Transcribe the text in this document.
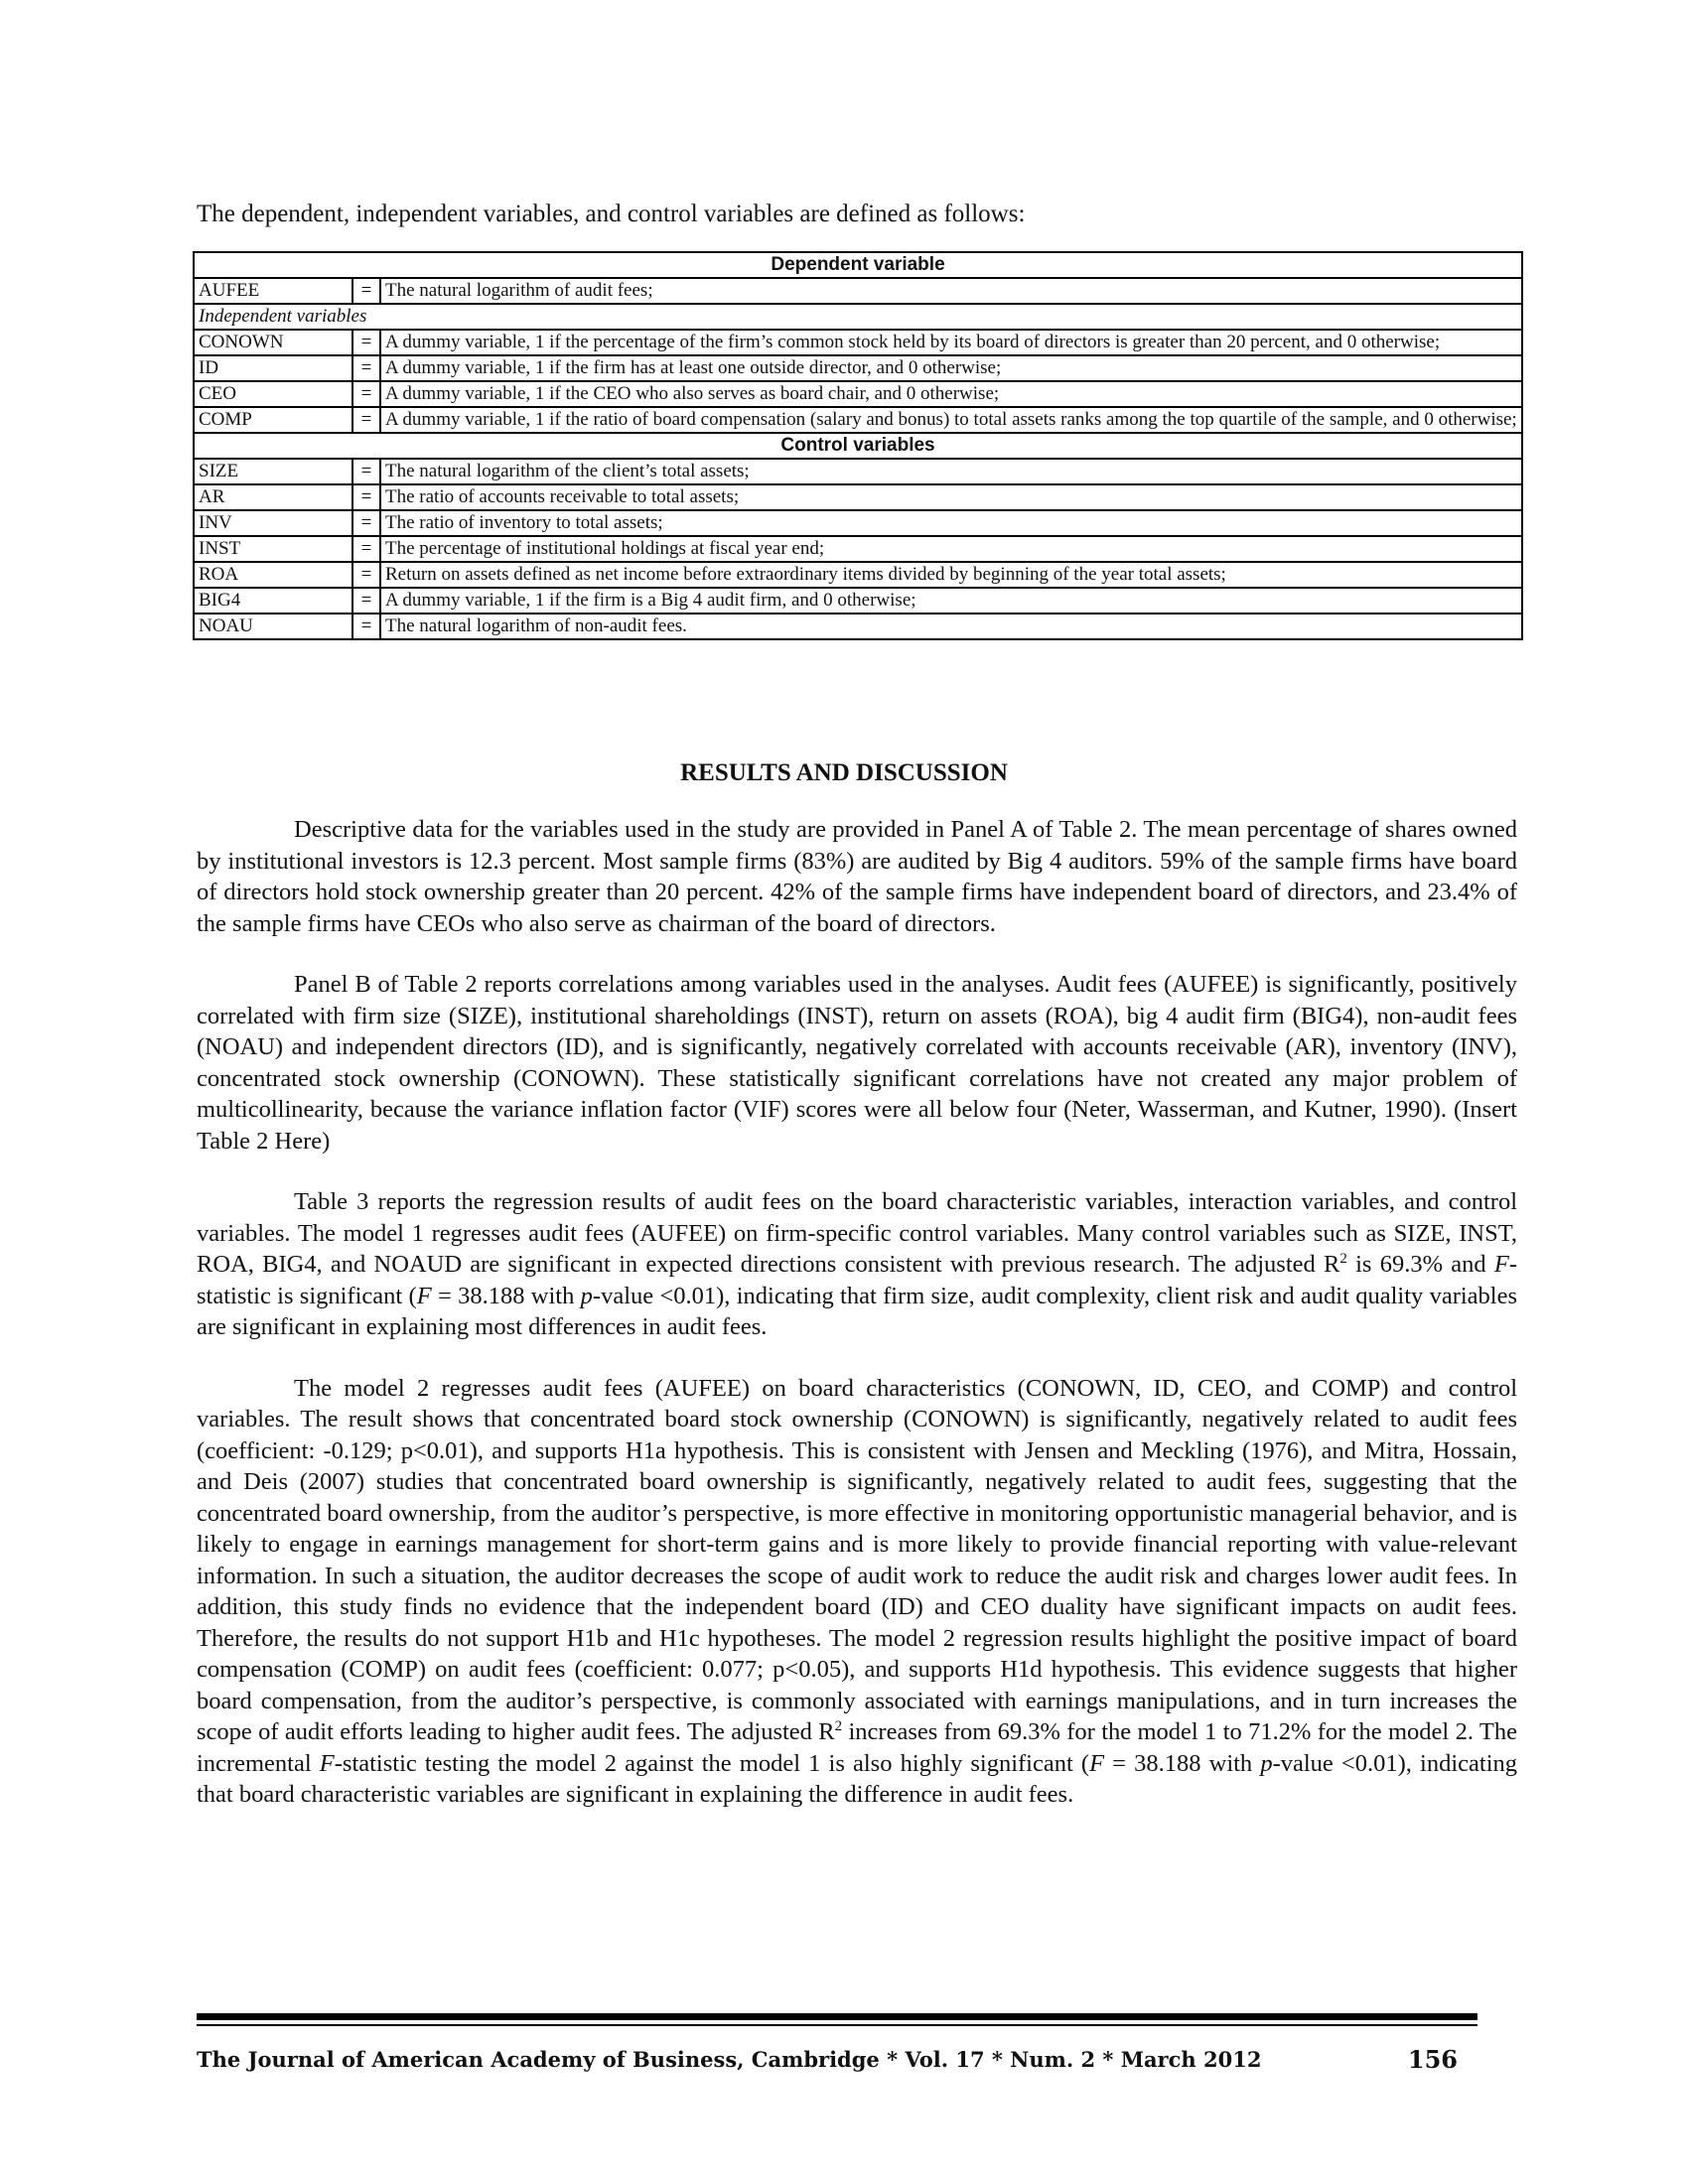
The dependent, independent variables, and control variables are defined as follows:
Dependent variable		
AUFEE	=	The natural logarithm of audit fees;
Independent variables		
CONOWN	=	A dummy variable, 1 if the percentage of the firm’s common stock held by its board of directors is greater than 20 percent, and 0 otherwise;
ID	=	A dummy variable, 1 if the firm has at least one outside director, and 0 otherwise;
CEO	=	A dummy variable, 1 if the CEO who also serves as board chair, and 0 otherwise;
COMP	=	A dummy variable, 1 if the ratio of board compensation (salary and bonus) to total assets ranks among the top quartile of the sample, and 0 otherwise;
Control variables		
SIZE	=	The natural logarithm of the client’s total assets;
AR	=	The ratio of accounts receivable to total assets;
INV	=	The ratio of inventory to total assets;
INST	=	The percentage of institutional holdings at fiscal year end;
ROA	=	Return on assets defined as net income before extraordinary items divided by beginning of the year total assets;
BIG4	=	A dummy variable, 1 if the firm is a Big 4 audit firm, and 0 otherwise;
NOAU	=	The natural logarithm of non-audit fees.
RESULTS AND DISCUSSION

Descriptive data for the variables used in the study are provided in Panel A of Table 2. The mean percentage of shares owned by institutional investors is 12.3 percent. Most sample firms (83%) are audited by Big 4 auditors. 59% of the sample firms have board of directors hold stock ownership greater than 20 percent. 42% of the sample firms have independent board of directors, and 23.4% of the sample firms have CEOs who also serve as chairman of the board of directors.

Panel B of Table 2 reports correlations among variables used in the analyses. Audit fees (AUFEE) is significantly, positively correlated with firm size (SIZE), institutional shareholdings (INST), return on assets (ROA), big 4 audit firm (BIG4), non-audit fees (NOAU) and independent directors (ID), and is significantly, negatively correlated with accounts receivable (AR), inventory (INV), concentrated stock ownership (CONOWN). These statistically significant correlations have not created any major problem of multicollinearity, because the variance inflation factor (VIF) scores were all below four (Neter, Wasserman, and Kutner, 1990). (Insert Table 2 Here)

Table 3 reports the regression results of audit fees on the board characteristic variables, interaction variables, and control variables. The model 1 regresses audit fees (AUFEE) on firm-specific control variables. Many control variables such as SIZE, INST, ROA, BIG4, and NOAUD are significant in expected directions consistent with previous research. The adjusted $R^2$ is 69.3% and F-statistic is significant (F = 38.188 with p-value <0.01), indicating that firm size, audit complexity, client risk and audit quality variables are significant in explaining most differences in audit fees.

The model 2 regresses audit fees (AUFEE) on board characteristics (CONOWN, ID, CEO, and COMP) and control variables. The result shows that concentrated board stock ownership (CONOWN) is significantly, negatively related to audit fees (coefficient: -0.129; p<0.01), and supports H1a hypothesis. This is consistent with Jensen and Meckling (1976), and Mitra, Hossain, and Deis (2007) studies that concentrated board ownership is significantly, negatively related to audit fees, suggesting that the concentrated board ownership, from the auditor’s perspective, is more effective in monitoring opportunistic managerial behavior, and is likely to engage in earnings management for short-term gains and is more likely to provide financial reporting with value-relevant information. In such a situation, the auditor decreases the scope of audit work to reduce the audit risk and charges lower audit fees. In addition, this study finds no evidence that the independent board (ID) and CEO duality have significant impacts on audit fees. Therefore, the results do not support H1b and H1c hypotheses. The model 2 regression results highlight the positive impact of board compensation (COMP) on audit fees (coefficient: 0.077; p<0.05), and supports H1d hypothesis. This evidence suggests that higher board compensation, from the auditor’s perspective, is commonly associated with earnings manipulations, and in turn increases the scope of audit efforts leading to higher audit fees. The adjusted $R^2$ increases from 69.3% for the model 1 to 71.2% for the model 2. The incremental F-statistic testing the model 2 against the model 1 is also highly significant (F = 38.188 with p-value <0.01), indicating that board characteristic variables are significant in explaining the difference in audit fees.

The Journal of American Academy of Business, Cambridge * Vol. 17 * Num. 2 * March 2012	156
